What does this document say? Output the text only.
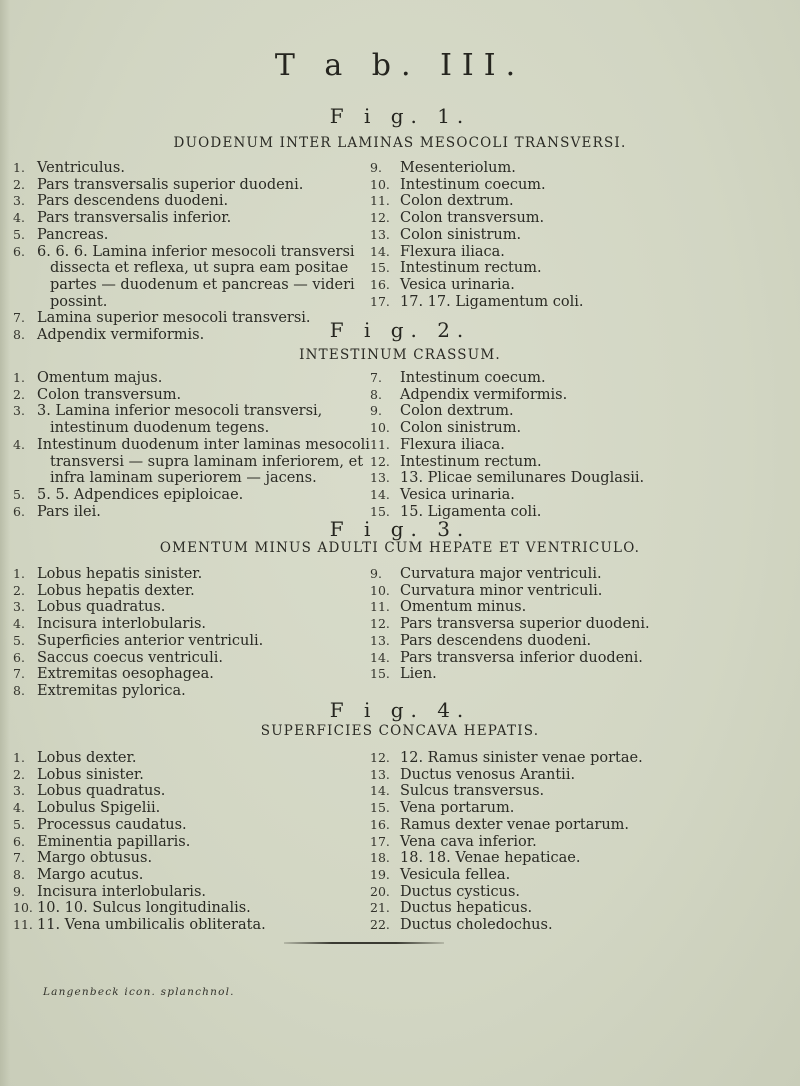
T a b. III.
F i g. 1.
DUODENUM INTER LAMINAS MESOCOLI TRANSVERSI.
1. Ventriculus.
2. Pars transversalis superior duodeni.
3. Pars descendens duodeni.
4. Pars transversalis inferior.
5. Pancreas.
6. 6. 6. 6. Lamina inferior mesocoli transversi dissecta et reflexa, ut supra eam positae partes — duodenum et pancreas — videri possint.
7. Lamina superior mesocoli transversi.
8. Adpendix vermiformis.
9.	Mesenteriolum.
10. Intestinum coecum.
11. Colon dextrum.
12. Colon transversum.
13. Colon sinistrum.
14. Flexura iliaca.
15. Intestinum rectum.
16. Vesica urinaria.
17. 17. 17. Ligamentum coli.
F i g. 2.
INTESTINUM CRASSUM.
1. Omentum majus.
2. Colon transversum.
3. 3. Lamina inferior mesocoli transversi, intestinum duodenum tegens.
4. Intestinum duodenum inter laminas mesocoli transversi — supra laminam inferiorem, et infra laminam superiorem — jacens.
5. 5. 5. Adpendices epiploicae.
6. Pars ilei.
7.	Intestinum coecum.
8.	Adpendix vermiformis.
9.	Colon dextrum.
10. Colon sinistrum.
11. Flexura iliaca.
12. Intestinum rectum.
13. 13. Plicae semilunares Douglasii.
14. Vesica urinaria.
15. 15. Ligamenta coli.
F i g. 3.
OMENTUM MINUS ADULTI CUM HEPATE ET VENTRICULO.
1. Lobus hepatis sinister.
2. Lobus hepatis dexter.
3. Lobus quadratus.
4. Incisura interlobularis.
5. Superficies anterior ventriculi.
6. Saccus coecus ventriculi.
7. Extremitas oesophagea.
8. Extremitas pylorica.
9.	Curvatura major ventriculi.
10. Curvatura minor ventriculi.
11. Omentum minus.
12. Pars transversa superior duodeni.
13. Pars descendens duodeni.
14. Pars transversa inferior duodeni.
15. Lien.
F i g. 4.
SUPERFICIES CONCAVA HEPATIS.
1. Lobus dexter.
2. Lobus sinister.
3. Lobus quadratus.
4. Lobulus Spigelii.
5. Processus caudatus.
6. Eminentia papillaris.
7. Margo obtusus.
8. Margo acutus.
9. Incisura interlobularis.
10. 10. 10. Sulcus longitudinalis.
11. 11. Vena umbilicalis obliterata.
12. 12. Ramus sinister venae portae.
13. Ductus venosus Arantii.
14. Sulcus transversus.
15. Vena portarum.
16. Ramus dexter venae portarum.
17. Vena cava inferior.
18. 18. 18. Venae hepaticae.
19. Vesicula fellea.
20. Ductus cysticus.
21. Ductus hepaticus.
22. Ductus choledochus.
Langenbeck icon. splanchnol.
